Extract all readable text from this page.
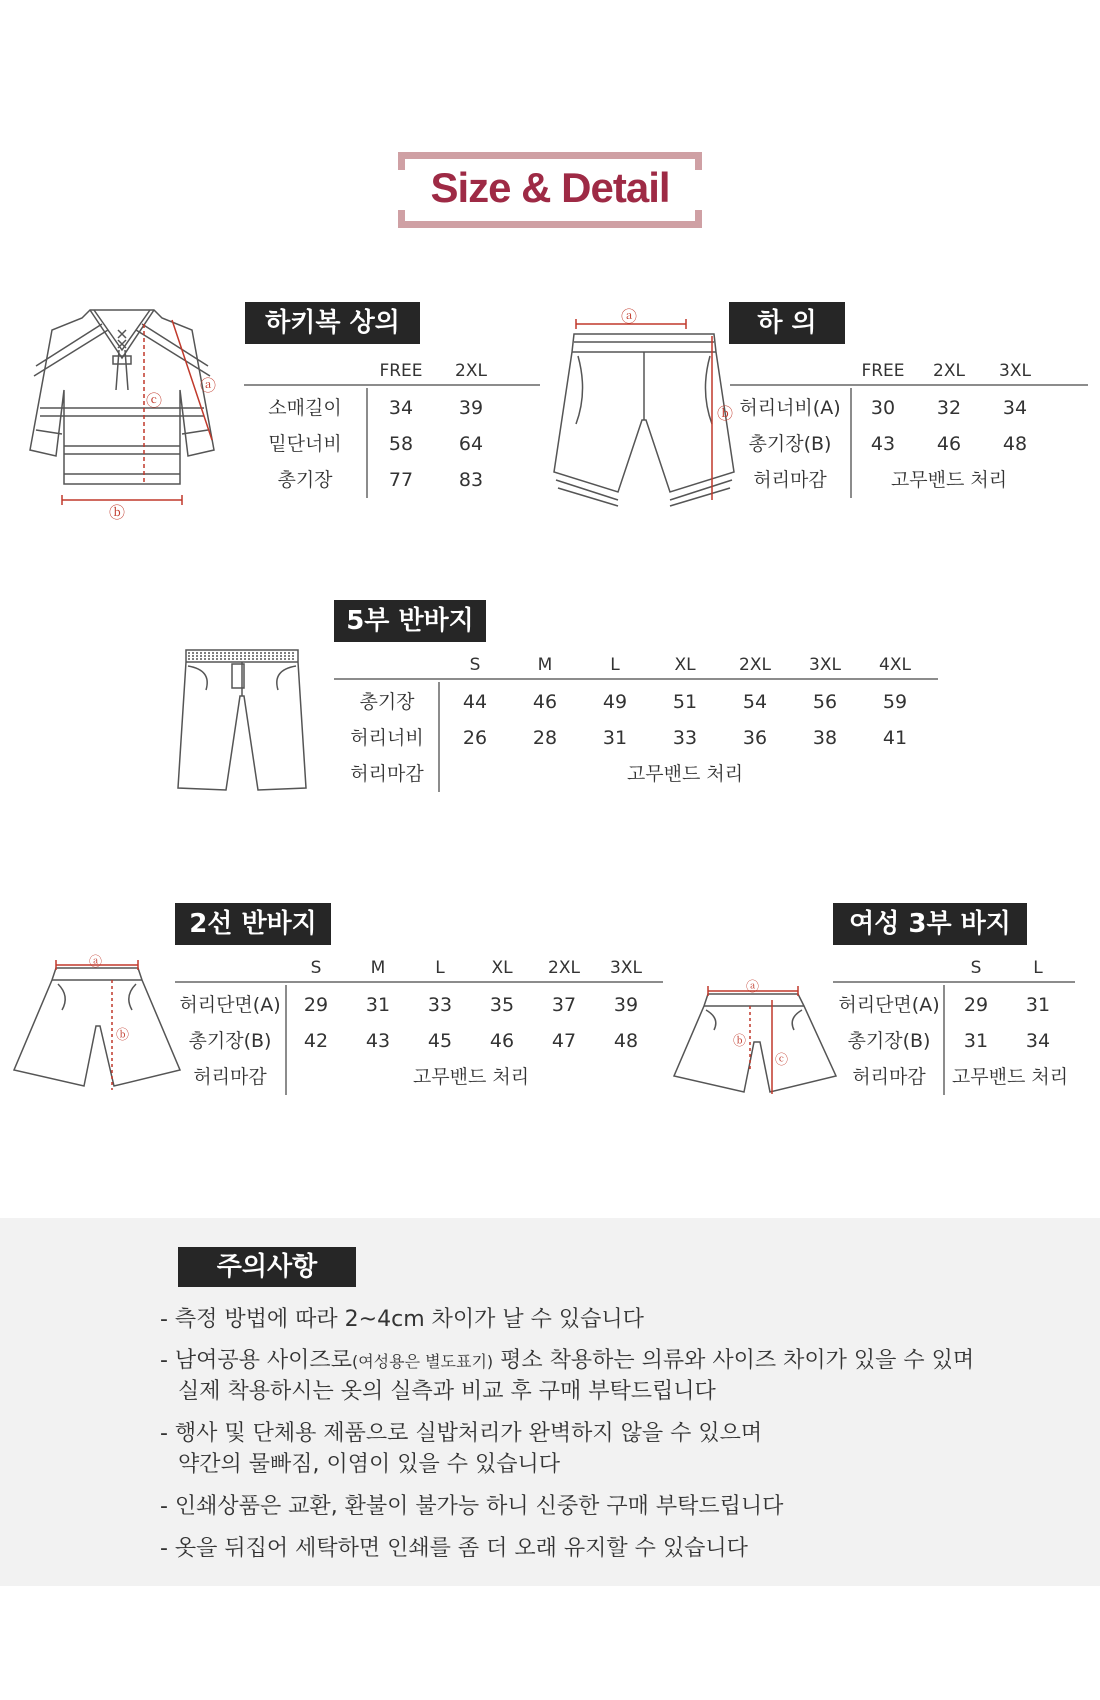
Size & Detail
ⓐ
ⓒ
ⓑ
하키복 상의
FREE	2XL
소매길이	34	39
밑단너비	58	64
총기장	77	83
ⓐ
ⓑ
하 의
FREE	2XL	3XL
허리너비(A)	30	32	34
총기장(B)	43	46	48
허리마감	고무밴드 처리
5부 반바지
S	M	L	XL	2XL	3XL	4XL
총기장	44	46	49	51	54	56	59
허리너비	26	28	31	33	36	38	41
허리마감	고무밴드 처리
ⓐ
ⓑ
2선 반바지
S	M	L	XL	2XL	3XL
허리단면(A)	29	31	33	35	37	39
총기장(B)	42	43	45	46	47	48
허리마감	고무밴드 처리
ⓐ
ⓑ
ⓒ
여성 3부 바지
S	L
허리단면(A)	29	31
총기장(B)	31	34
허리마감	고무밴드 처리
주의사항
- 측정 방법에 따라 2~4cm 차이가 날 수 있습니다
- 남여공용 사이즈로(여성용은 별도표기) 평소 착용하는 의류와 사이즈 차이가 있을 수 있며
실제 착용하시는 옷의 실측과 비교 후 구매 부탁드립니다
- 행사 및 단체용 제품으로 실밥처리가 완벽하지 않을 수 있으며
약간의 물빠짐, 이염이 있을 수 있습니다
- 인쇄상품은 교환, 환불이 불가능 하니 신중한 구매 부탁드립니다
- 옷을 뒤집어 세탁하면 인쇄를 좀 더 오래 유지할 수 있습니다
